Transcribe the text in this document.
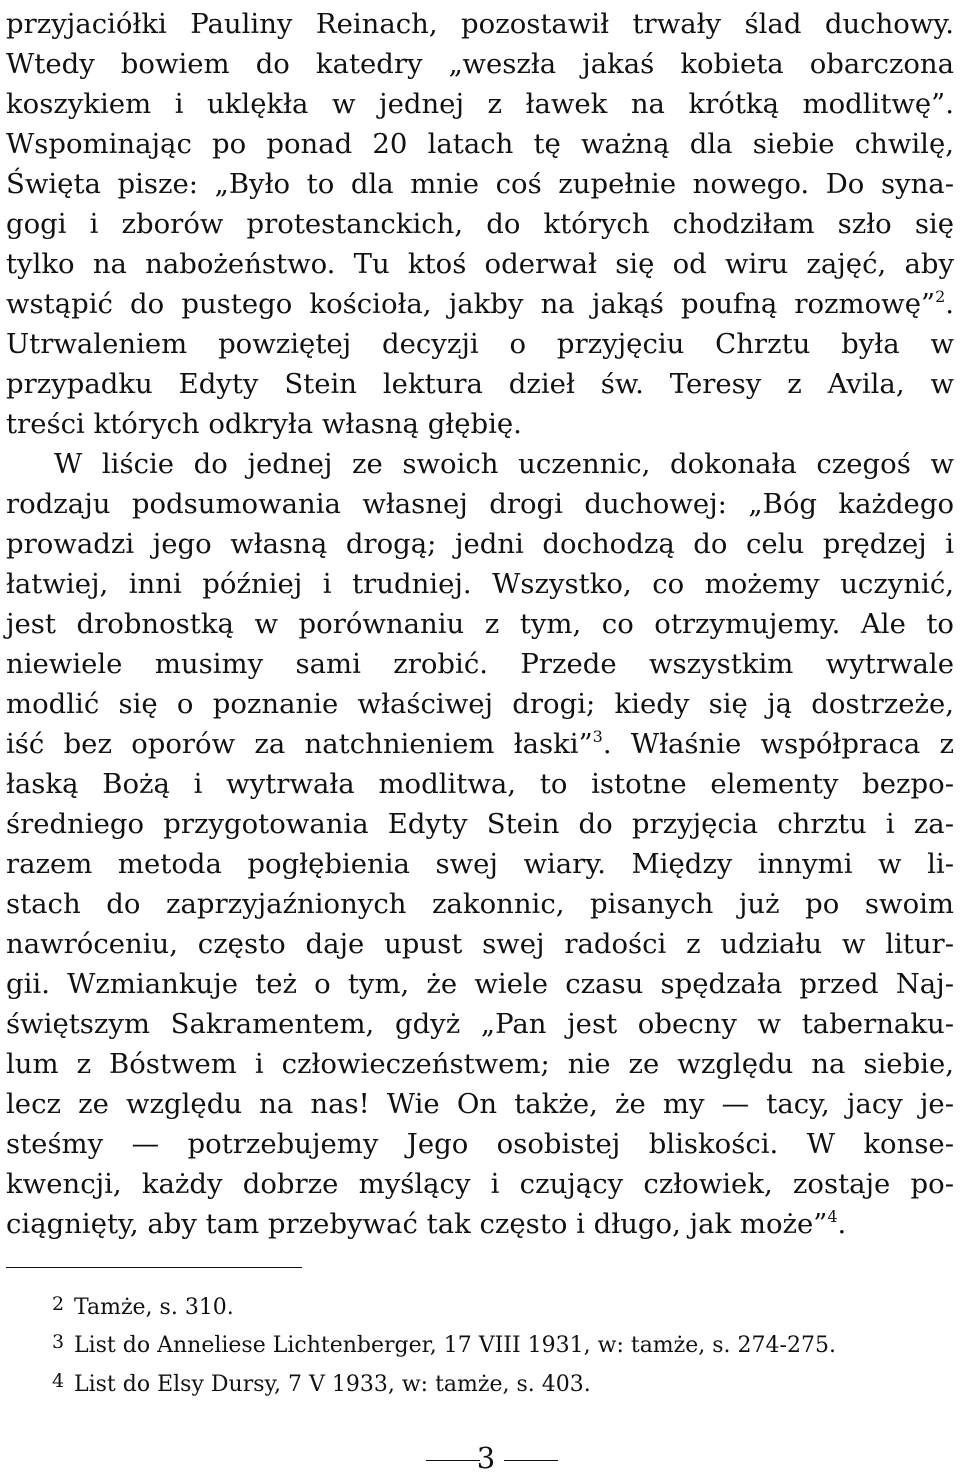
przyjaciółki Pauliny Reinach, pozostawił trwały ślad duchowy.
Wtedy bowiem do katedry „weszła jakaś kobieta obarczona
koszykiem i uklękła w jednej z ławek na krótką modlitwę”.
Wspominając po ponad 20 latach tę ważną dla siebie chwilę,
Święta pisze: „Było to dla mnie coś zupełnie nowego. Do syna-
gogi i zborów protestanckich, do których chodziłam szło się
tylko na nabożeństwo. Tu ktoś oderwał się od wiru zajęć, aby
wstąpić do pustego kościoła, jakby na jakąś poufną rozmowę”$^2$.
Utrwaleniem powziętej decyzji o przyjęciu Chrztu była w
przypadku Edyty Stein lektura dzieł św. Teresy z Avila, w
treści których odkryła własną głębię.
W liście do jednej ze swoich uczennic, dokonała czegoś w
rodzaju podsumowania własnej drogi duchowej: „Bóg każdego
prowadzi jego własną drogą; jedni dochodzą do celu prędzej i
łatwiej, inni później i trudniej. Wszystko, co możemy uczynić,
jest drobnostką w porównaniu z tym, co otrzymujemy. Ale to
niewiele musimy sami zrobić. Przede wszystkim wytrwale
modlić się o poznanie właściwej drogi; kiedy się ją dostrzeże,
iść bez oporów za natchnieniem łaski”$^3$. Właśnie współpraca z
łaską Bożą i wytrwała modlitwa, to istotne elementy bezpo-
średniego przygotowania Edyty Stein do przyjęcia chrztu i za-
razem metoda pogłębienia swej wiary. Między innymi w li-
stach do zaprzyjaźnionych zakonnic, pisanych już po swoim
nawróceniu, często daje upust swej radości z udziału w litur-
gii. Wzmiankuje też o tym, że wiele czasu spędzała przed Naj-
świętszym Sakramentem, gdyż „Pan jest obecny w tabernaku-
lum z Bóstwem i człowieczeństwem; nie ze względu na siebie,
lecz ze względu na nas! Wie On także, że my — tacy, jacy je-
steśmy — potrzebujemy Jego osobistej bliskości. W konse-
kwencji, każdy dobrze myślący i czujący człowiek, zostaje po-
ciągnięty, aby tam przebywać tak często i długo, jak może”$^4$.
2 Tamże, s. 310.
3 List do Anneliese Lichtenberger, 17 VIII 1931, w: tamże, s. 274-275.
4 List do Elsy Dursy, 7 V 1933, w: tamże, s. 403.
3
